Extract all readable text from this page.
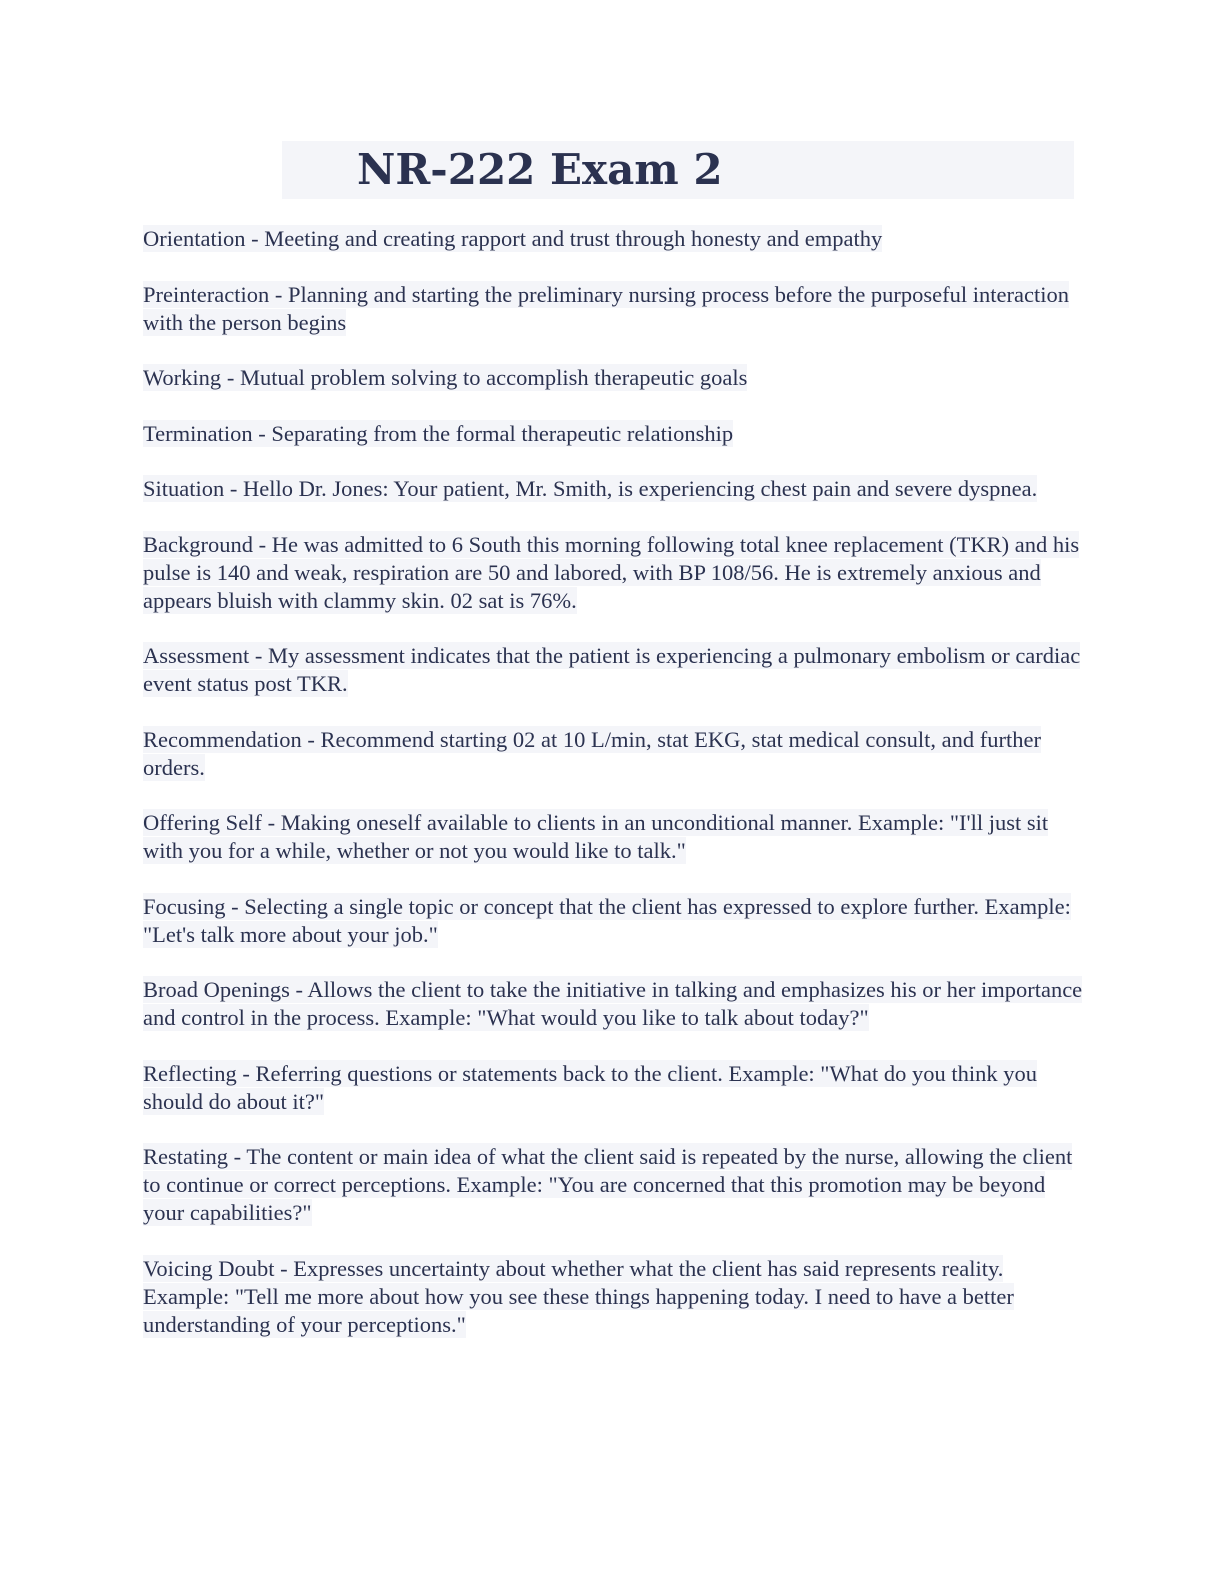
NR-222 Exam 2

Orientation - Meeting and creating rapport and trust through honesty and empathy

Preinteraction - Planning and starting the preliminary nursing process before the purposeful interaction with the person begins

Working - Mutual problem solving to accomplish therapeutic goals

Termination - Separating from the formal therapeutic relationship

Situation - Hello Dr. Jones: Your patient, Mr. Smith, is experiencing chest pain and severe dyspnea.

Background - He was admitted to 6 South this morning following total knee replacement (TKR) and his pulse is 140 and weak, respiration are 50 and labored, with BP 108/56. He is extremely anxious and appears bluish with clammy skin. 02 sat is 76%.

Assessment - My assessment indicates that the patient is experiencing a pulmonary embolism or cardiac event status post TKR.

Recommendation - Recommend starting 02 at 10 L/min, stat EKG, stat medical consult, and further orders.

Offering Self - Making oneself available to clients in an unconditional manner. Example: "I'll just sit with you for a while, whether or not you would like to talk."

Focusing - Selecting a single topic or concept that the client has expressed to explore further. Example: "Let's talk more about your job."

Broad Openings - Allows the client to take the initiative in talking and emphasizes his or her importance and control in the process. Example: "What would you like to talk about today?"

Reflecting - Referring questions or statements back to the client. Example: "What do you think you should do about it?"

Restating - The content or main idea of what the client said is repeated by the nurse, allowing the client to continue or correct perceptions. Example: "You are concerned that this promotion may be beyond your capabilities?"

Voicing Doubt - Expresses uncertainty about whether what the client has said represents reality. Example: "Tell me more about how you see these things happening today. I need to have a better understanding of your perceptions."
